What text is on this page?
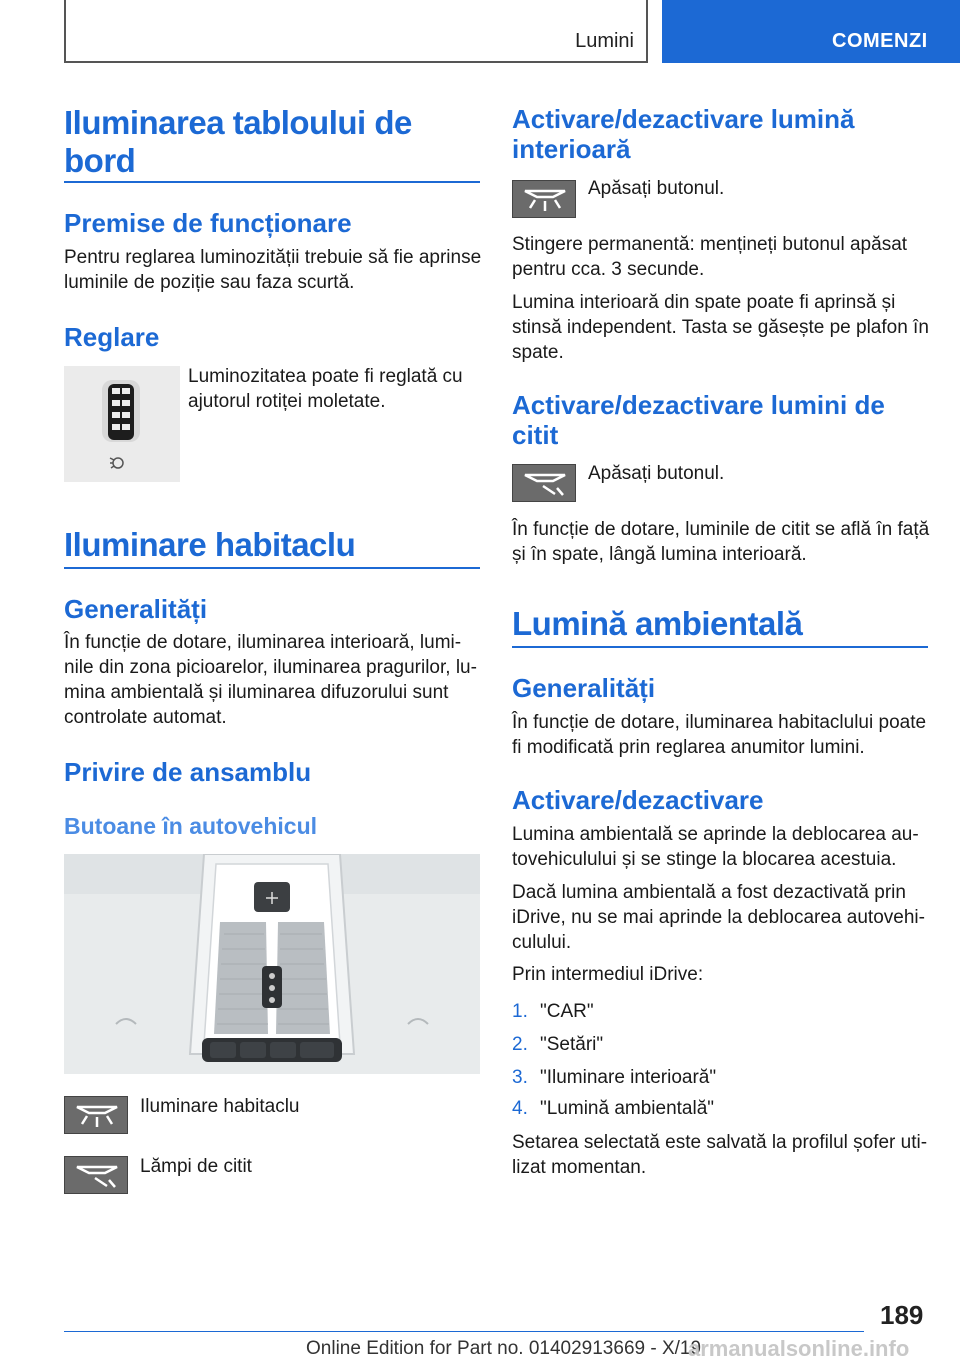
Lumini	COMENZI
Iluminarea tabloului de bord
Premise de funcționare

Pentru reglarea luminozității trebuie să fie aprinse luminile de poziție sau faza scurtă.

Reglare

Luminozitatea poate fi reglată cu ajutorul rotiței moletate.

Iluminare habitaclu
Generalități

În funcție de dotare, iluminarea interioară, lumi-nile din zona picioarelor, iluminarea pragurilor, lu-mina ambientală și iluminarea difuzorului sunt controlate automat.

Privire de ansamblu
Butoane în autovehicul

Iluminare habitaclu

Lămpi de citit

Activare/dezactivare lumină interioară

Apăsați butonul.

Stingere permanentă: mențineți butonul apăsat pentru cca. 3 secunde.

Lumina interioară din spate poate fi aprinsă și stinsă independent. Tasta se găsește pe plafon în spate.

Activare/dezactivare lumini de citit

Apăsați butonul.

În funcție de dotare, luminile de citit se află în față și în spate, lângă lumina interioară.

Lumină ambientală
Generalități

În funcție de dotare, iluminarea habitaclului poate fi modificată prin reglarea anumitor lumini.

Activare/dezactivare

Lumina ambientală se aprinde la deblocarea au-tovehiculului și se stinge la blocarea acestuia.

Dacă lumina ambientală a fost dezactivată prin iDrive, nu se mai aprinde la deblocarea autovehi-culului.

Prin intermediul iDrive:

1. "CAR"
2. "Setări"
3. "Iluminare interioară"
4. "Lumină ambientală"

Setarea selectată este salvată la profilul șofer uti-lizat momentan.

189
Online Edition for Part no. 01402913669 - X/19
armanualsonline.info
